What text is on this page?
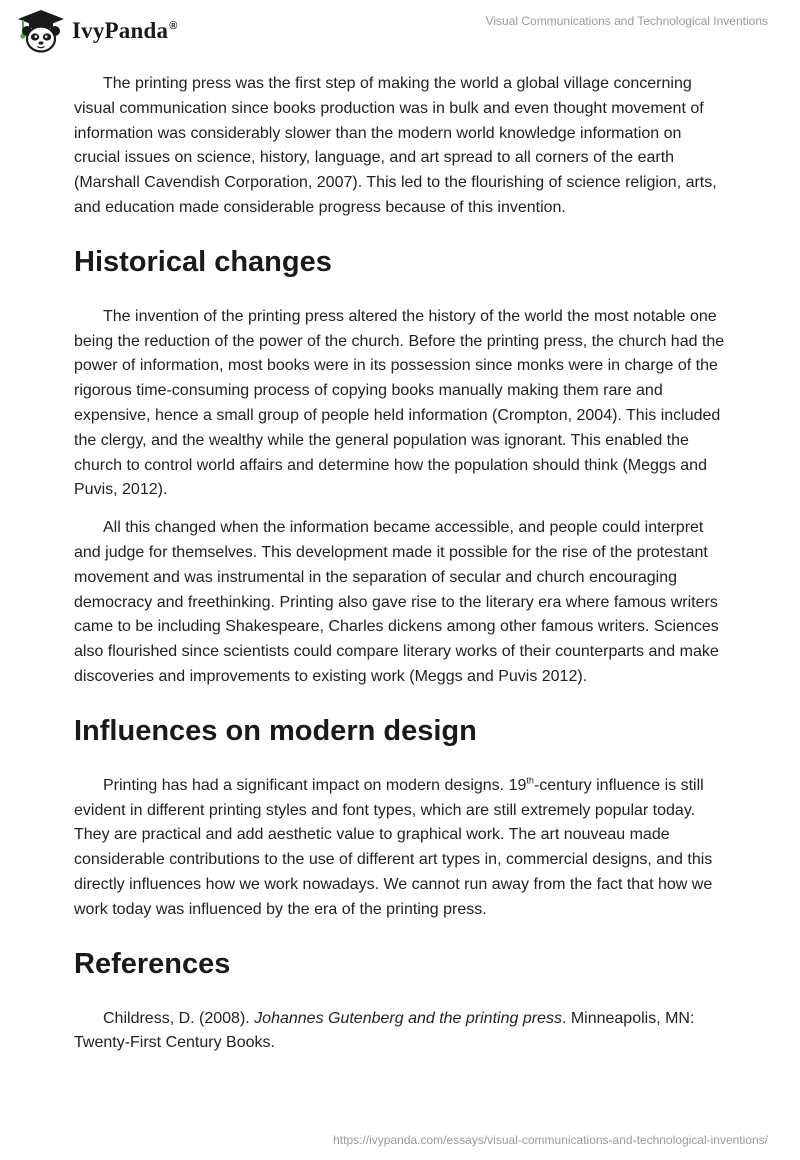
IvyPanda®	Visual Communications and Technological Inventions

The printing press was the first step of making the world a global village concerning visual communication since books production was in bulk and even thought movement of information was considerably slower than the modern world knowledge information on crucial issues on science, history, language, and art spread to all corners of the earth (Marshall Cavendish Corporation, 2007). This led to the flourishing of science religion, arts, and education made considerable progress because of this invention.

Historical changes

The invention of the printing press altered the history of the world the most notable one being the reduction of the power of the church. Before the printing press, the church had the power of information, most books were in its possession since monks were in charge of the rigorous time-consuming process of copying books manually making them rare and expensive, hence a small group of people held information (Crompton, 2004). This included the clergy, and the wealthy while the general population was ignorant. This enabled the church to control world affairs and determine how the population should think (Meggs and Puvis, 2012).

All this changed when the information became accessible, and people could interpret and judge for themselves. This development made it possible for the rise of the protestant movement and was instrumental in the separation of secular and church encouraging democracy and freethinking. Printing also gave rise to the literary era where famous writers came to be including Shakespeare, Charles dickens among other famous writers. Sciences also flourished since scientists could compare literary works of their counterparts and make discoveries and improvements to existing work (Meggs and Puvis 2012).

Influences on modern design

Printing has had a significant impact on modern designs. 19th-century influence is still evident in different printing styles and font types, which are still extremely popular today. They are practical and add aesthetic value to graphical work. The art nouveau made considerable contributions to the use of different art types in, commercial designs, and this directly influences how we work nowadays. We cannot run away from the fact that how we work today was influenced by the era of the printing press.

References

Childress, D. (2008). Johannes Gutenberg and the printing press. Minneapolis, MN: Twenty-First Century Books.

https://ivypanda.com/essays/visual-communications-and-technological-inventions/
